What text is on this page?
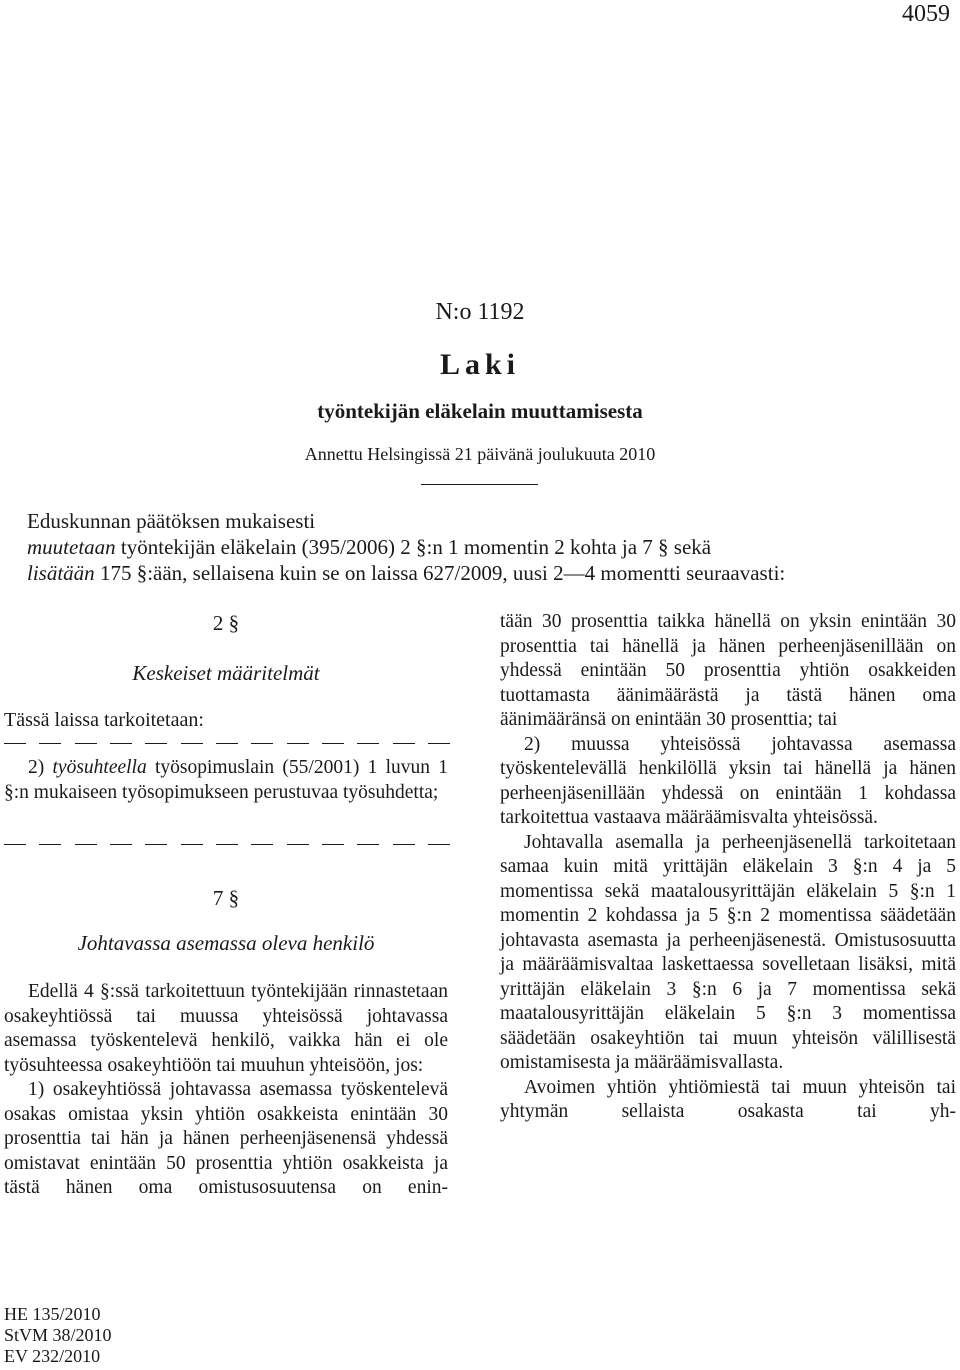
4059
N:o 1192
Laki
työntekijän eläkelain muuttamisesta
Annettu Helsingissä 21 päivänä joulukuuta 2010
Eduskunnan päätöksen mukaisesti
muutetaan työntekijän eläkelain (395/2006) 2 §:n 1 momentin 2 kohta ja 7 § sekä
lisätään 175 §:ään, sellaisena kuin se on laissa 627/2009, uusi 2—4 momentti seuraavasti:
2 §
Keskeiset määritelmät
Tässä laissa tarkoitetaan:

2) työsuhteella työsopimuslain (55/2001) 1 luvun 1 §:n mukaiseen työsopimukseen perustuvaa työsuhdetta;

7 §
Johtavassa asemassa oleva henkilö

Edellä 4 §:ssä tarkoitettuun työntekijään rinnastetaan osakeyhtiössä tai muussa yhteisössä johtavassa asemassa työskentelevä henkilö, vaikka hän ei ole työsuhteessa osakeyhtiöön tai muuhun yhteisöön, jos:

1) osakeyhtiössä johtavassa asemassa työskentelevä osakas omistaa yksin yhtiön osakkeista enintään 30 prosenttia tai hän ja hänen perheenjäsenensä yhdessä omistavat enintään 50 prosenttia yhtiön osakkeista ja tästä hänen oma omistusosuutensa on enin-

tään 30 prosenttia taikka hänellä on yksin enintään 30 prosenttia tai hänellä ja hänen perheenjäsenillään on yhdessä enintään 50 prosenttia yhtiön osakkeiden tuottamasta äänimäärästä ja tästä hänen oma äänimääränsä on enintään 30 prosenttia; tai

2) muussa yhteisössä johtavassa asemassa työskentelevällä henkilöllä yksin tai hänellä ja hänen perheenjäsenillään yhdessä on enintään 1 kohdassa tarkoitettua vastaava määräämisvalta yhteisössä.

Johtavalla asemalla ja perheenjäsenellä tarkoitetaan samaa kuin mitä yrittäjän eläkelain 3 §:n 4 ja 5 momentissa sekä maatalousyrittäjän eläkelain 5 §:n 1 momentin 2 kohdassa ja 5 §:n 2 momentissa säädetään johtavasta asemasta ja perheenjäsenestä. Omistusosuutta ja määräämisvaltaa laskettaessa sovelletaan lisäksi, mitä yrittäjän eläkelain 3 §:n 6 ja 7 momentissa sekä maatalousyrittäjän eläkelain 5 §:n 3 momentissa säädetään osakeyhtiön tai muun yhteisön välillisestä omistamisesta ja määräämisvallasta.

Avoimen yhtiön yhtiömiestä tai muun yhteisön tai yhtymän sellaista osakasta tai yh-

HE 135/2010
StVM 38/2010
EV 232/2010
